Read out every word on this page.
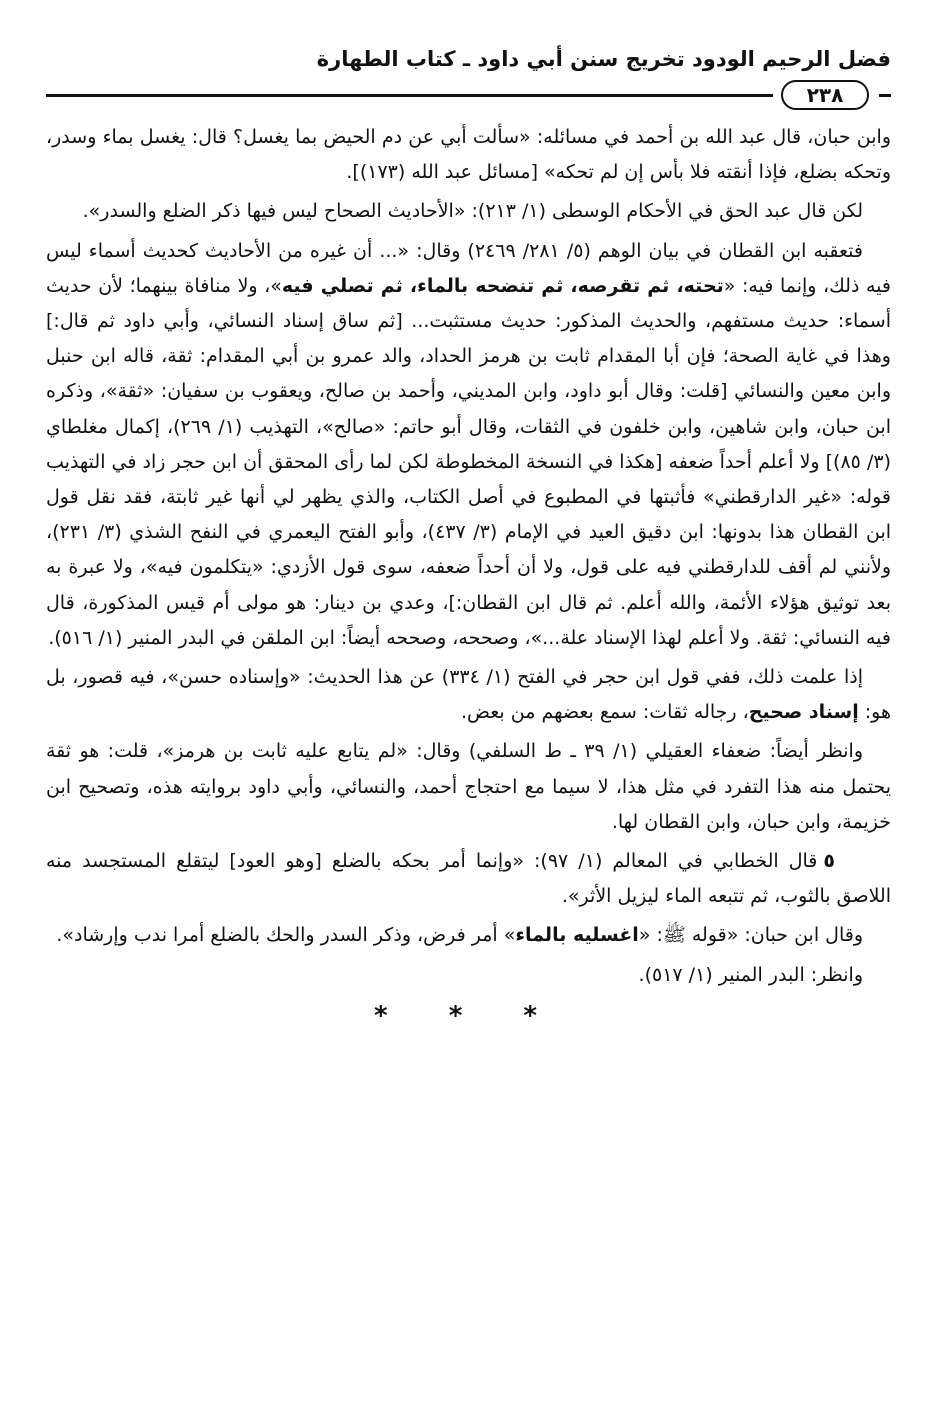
فضل الرحيم الودود تخريج سنن أبي داود ـ كتاب الطهارة
٢٣٨

وابن حبان، قال عبد الله بن أحمد في مسائله: «سألت أبي عن دم الحيض بما يغسل؟ قال: يغسل بماء وسدر، وتحكه بضلع، فإذا أنقته فلا بأس إن لم تحكه» [مسائل عبد الله (١٧٣)].

لكن قال عبد الحق في الأحكام الوسطى (١/ ٢١٣): «الأحاديث الصحاح ليس فيها ذكر الضلع والسدر».

فتعقبه ابن القطان في بيان الوهم (٥/ ٢٨١/ ٢٤٦٩) وقال: «... أن غيره من الأحاديث كحديث أسماء ليس فيه ذلك، وإنما فيه: «تحته، ثم تقرصه، ثم تنضحه بالماء، ثم تصلي فيه»، ولا منافاة بينهما؛ لأن حديث أسماء: حديث مستفهم، والحديث المذكور: حديث مستثبت... [ثم ساق إسناد النسائي، وأبي داود ثم قال:] وهذا في غاية الصحة؛ فإن أبا المقدام ثابت بن هرمز الحداد، والد عمرو بن أبي المقدام: ثقة، قاله ابن حنبل وابن معين والنسائي [قلت: وقال أبو داود، وابن المديني، وأحمد بن صالح، ويعقوب بن سفيان: «ثقة»، وذكره ابن حبان، وابن شاهين، وابن خلفون في الثقات، وقال أبو حاتم: «صالح»، التهذيب (١/ ٢٦٩)، إكمال مغلطاي (٣/ ٨٥)] ولا أعلم أحداً ضعفه [هكذا في النسخة المخطوطة لكن لما رأى المحقق أن ابن حجر زاد في التهذيب قوله: «غير الدارقطني» فأثبتها في المطبوع في أصل الكتاب، والذي يظهر لي أنها غير ثابتة، فقد نقل قول ابن القطان هذا بدونها: ابن دقيق العيد في الإمام (٣/ ٤٣٧)، وأبو الفتح اليعمري في النفح الشذي (٣/ ٢٣١)، ولأنني لم أقف للدارقطني فيه على قول، ولا أن أحداً ضعفه، سوى قول الأزدي: «يتكلمون فيه»، ولا عبرة به بعد توثيق هؤلاء الأئمة، والله أعلم. ثم قال ابن القطان:]، وعدي بن دينار: هو مولى أم قيس المذكورة، قال فيه النسائي: ثقة. ولا أعلم لهذا الإسناد علة...»، وصححه، وصححه أيضاً: ابن الملقن في البدر المنير (١/ ٥١٦).

إذا علمت ذلك، ففي قول ابن حجر في الفتح (١/ ٣٣٤) عن هذا الحديث: «وإسناده حسن»، فيه قصور، بل هو: إسناد صحيح، رجاله ثقات: سمع بعضهم من بعض.

وانظر أيضاً: ضعفاء العقيلي (١/ ٣٩ ـ ط السلفي) وقال: «لم يتابع عليه ثابت بن هرمز»، قلت: هو ثقة يحتمل منه هذا التفرد في مثل هذا، لا سيما مع احتجاج أحمد، والنسائي، وأبي داود بروايته هذه، وتصحيح ابن خزيمة، وابن حبان، وابن القطان لها.

٥قال الخطابي في المعالم (١/ ٩٧): «وإنما أمر بحكه بالضلع [وهو العود] ليتقلع المستجسد منه اللاصق بالثوب، ثم تتبعه الماء ليزيل الأثر».

وقال ابن حبان: «قوله ﷺ: «اغسليه بالماء» أمر فرض، وذكر السدر والحك بالضلع أمرا ندب وإرشاد».

وانظر: البدر المنير (١/ ٥١٧).

* * *
